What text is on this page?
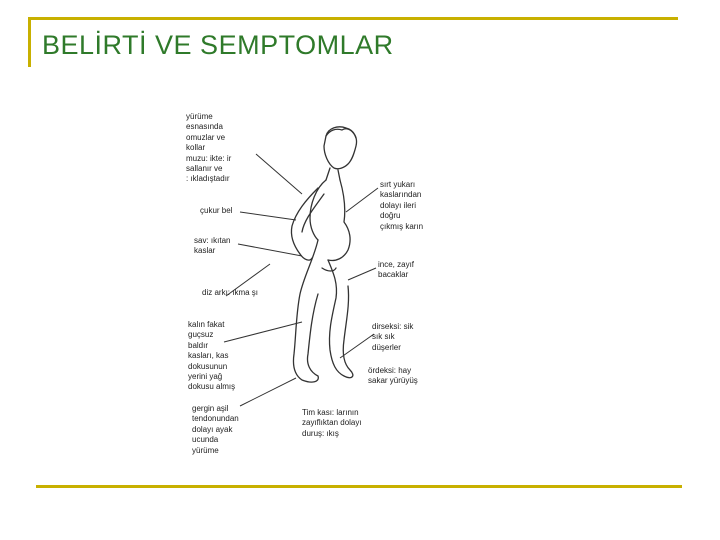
BELİRTİ VE SEMPTOMLAR
yürüme
esnasında
omuzlar ve
kollar
muzu: ikte: ir
sallanır ve
: ıkladıştadır
çukur bel
sav: ıkıtan
kaslar
diz arkı: ıkma şı
kalın fakat
guçsuz
baldır
kasları, kas
dokusunun
yerini yağ
dokusu almış
gergin aşil
tendonundan
dolayı ayak
ucunda
yürüme
sırt yukarı
kaslarından
dolayı ileri
doğru
çıkmış karın
ince, zayıf
bacaklar
dirseksi: sik
sık sık
düşerler
ördeksi: hay
sakar yürüyüş
Tim kası: larının
zayıflıktan dolayı
duruş: ıkış
